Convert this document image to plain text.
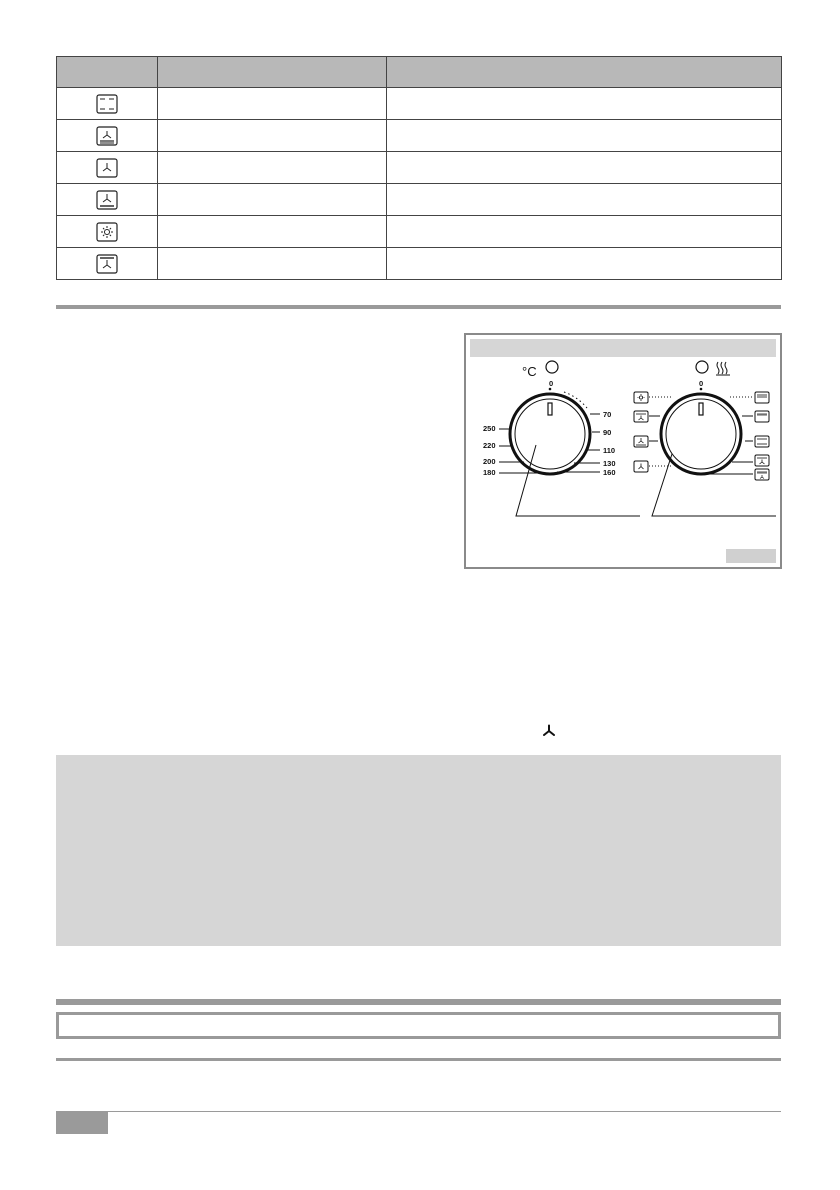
°C
0
70
90
110
130
160
250
220
200
180
0
